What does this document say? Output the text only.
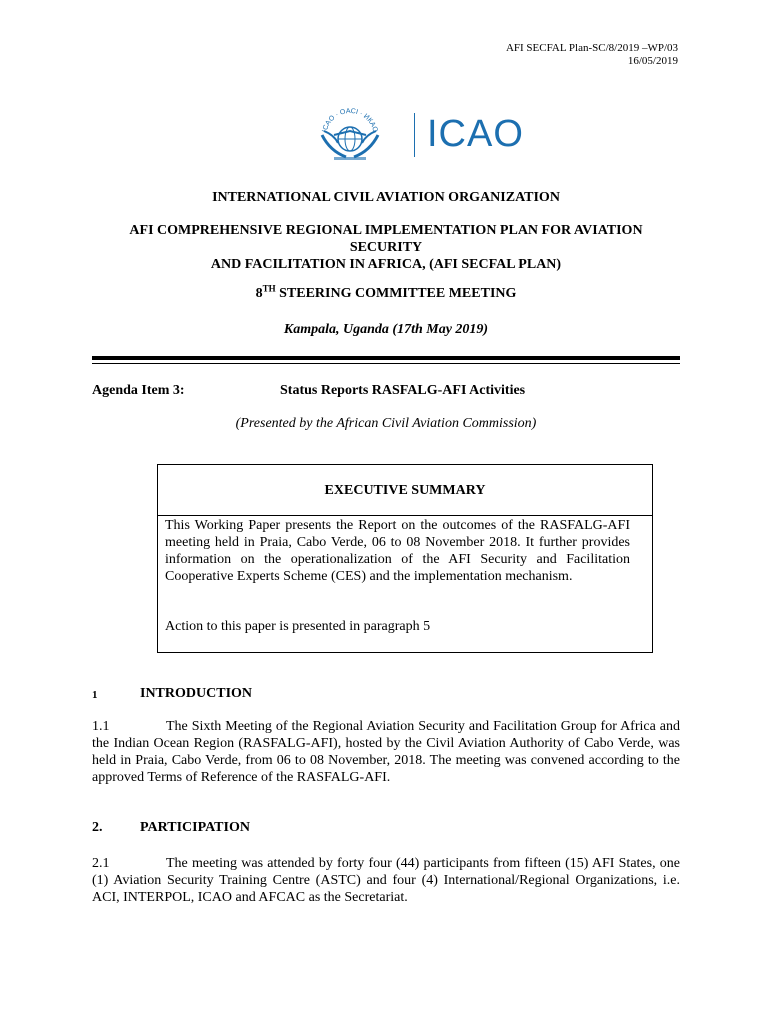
AFI SECFAL Plan-SC/8/2019 –WP/03
16/05/2019
ICAO · OACI · ИКАО ICAO
INTERNATIONAL CIVIL AVIATION ORGANIZATION
AFI COMPREHENSIVE REGIONAL IMPLEMENTATION PLAN FOR AVIATION
SECURITY
AND FACILITATION IN AFRICA, (AFI SECFAL PLAN)
8TH STEERING COMMITTEE MEETING
Kampala, Uganda (17th May 2019)
Agenda Item 3:	Status Reports RASFALG-AFI Activities
(Presented by the African Civil Aviation Commission)
EXECUTIVE SUMMARY
This Working Paper presents the Report on the outcomes of the RASFALG-AFI meeting held in Praia, Cabo Verde, 06 to 08 November 2018. It further provides information on the operationalization of the AFI Security and Facilitation Cooperative Experts Scheme (CES) and the implementation mechanism.
Action to this paper is presented in paragraph 5
1	INTRODUCTION
1.1	The Sixth Meeting of the Regional Aviation Security and Facilitation Group for Africa and the Indian Ocean Region (RASFALG-AFI), hosted by the Civil Aviation Authority of Cabo Verde, was held in Praia, Cabo Verde, from 06 to 08 November, 2018. The meeting was convened according to the approved Terms of Reference of the RASFALG-AFI.
2.	PARTICIPATION
2.1	The meeting was attended by forty four (44) participants from fifteen (15) AFI States, one (1) Aviation Security Training Centre (ASTC) and four (4) International/Regional Organizations, i.e. ACI, INTERPOL, ICAO and AFCAC as the Secretariat.
